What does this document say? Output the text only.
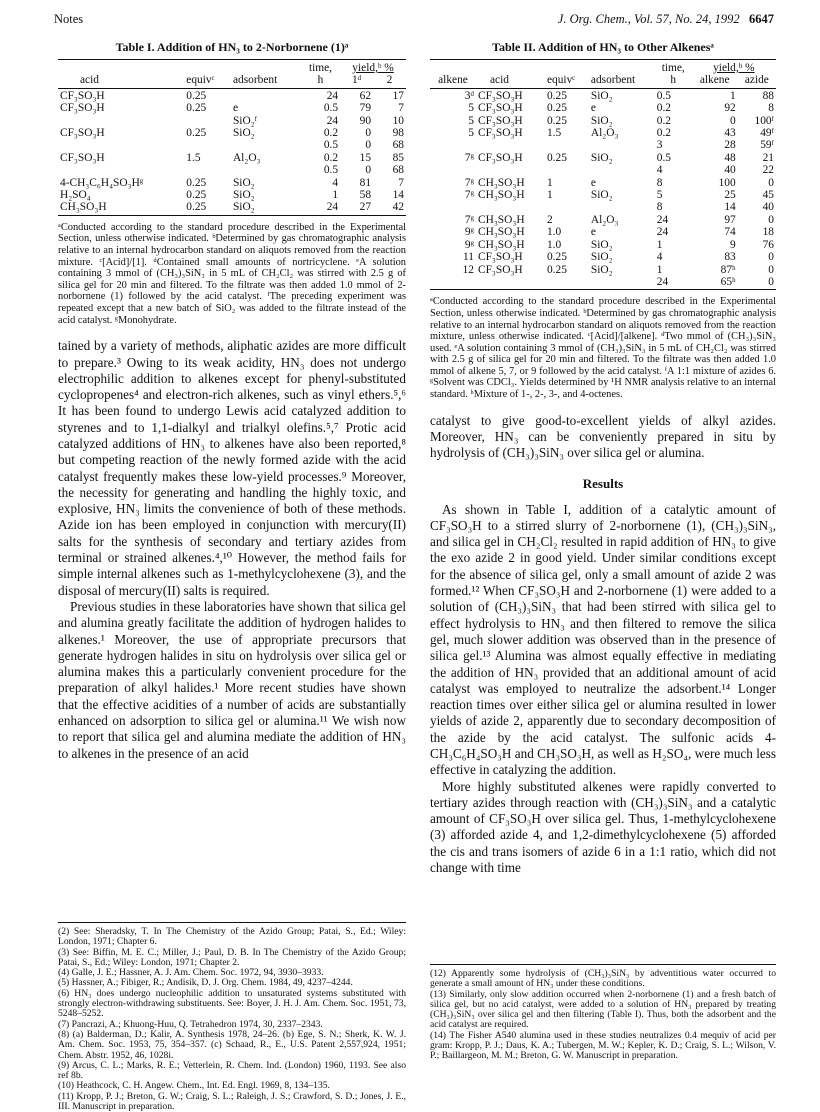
Notes	J. Org. Chem., Vol. 57, No. 24, 1992 6647
Table I. Addition of HN₃ to 2-Norbornene (1)ᵃ
			time,	yield,ᵇ %	
acid	equivᶜ	adsorbent	h	1ᵈ	2
CF₃SO₃H	0.25		24	62	17
CF₃SO₃H	0.25	e	0.5	79	7
		SiO₂ᶠ	24	90	10
CF₃SO₃H	0.25	SiO₂	0.2	0	98
			0.5	0	68
CF₃SO₃H	1.5	Al₂O₃	0.2	15	85
			0.5	0	68
4-CH₃C₆H₄SO₃Hᵍ	0.25	SiO₂	4	81	7
H₂SO₄	0.25	SiO₂	1	58	14
CH₃SO₃H	0.25	SiO₂	24	27	42
ᵃConducted according to the standard procedure described in the Experimental Section, unless otherwise indicated. ᵇDetermined by gas chromatographic analysis relative to an internal hydrocarbon standard on aliquots removed from the reaction mixture. ᶜ[Acid]/[1]. ᵈContained small amounts of nortricyclene. ᵉA solution containing 3 mmol of (CH₃)₃SiN₃ in 5 mL of CH₂Cl₂ was stirred with 2.5 g of silica gel for 20 min and filtered. To the filtrate was then added 1.0 mmol of 2-norbornene (1) followed by the acid catalyst. ᶠThe preceding experiment was repeated except that a new batch of SiO₂ was added to the filtrate instead of the acid catalyst. ᵍMonohydrate.

tained by a variety of methods, aliphatic azides are more difficult to prepare.³ Owing to its weak acidity, HN₃ does not undergo electrophilic addition to alkenes except for phenyl-substituted cyclopropenes⁴ and electron-rich alkenes, such as vinyl ethers.⁵,⁶ It has been found to undergo Lewis acid catalyzed addition to styrenes and to 1,1-dialkyl and trialkyl olefins.⁵,⁷ Protic acid catalyzed additions of HN₃ to alkenes have also been reported,⁸ but competing reaction of the newly formed azide with the acid catalyst frequently makes these low-yield processes.⁹ Moreover, the necessity for generating and handling the highly toxic, and explosive, HN₃ limits the convenience of both of these methods. Azide ion has been employed in conjunction with mercury(II) salts for the synthesis of secondary and tertiary azides from terminal or strained alkenes.⁴,¹⁰ However, the method fails for simple internal alkenes such as 1-methylcyclohexene (3), and the disposal of mercury(II) salts is required.

Previous studies in these laboratories have shown that silica gel and alumina greatly facilitate the addition of hydrogen halides to alkenes.¹ Moreover, the use of appropriate precursors that generate hydrogen halides in situ on hydrolysis over silica gel or alumina makes this a particularly convenient procedure for the preparation of alkyl halides.¹ More recent studies have shown that the effective acidities of a number of acids are substantially enhanced on adsorption to silica gel or alumina.¹¹ We wish now to report that silica gel and alumina mediate the addition of HN₃ to alkenes in the presence of an acid

(2) See: Sheradsky, T. In The Chemistry of the Azido Group; Patai, S., Ed.; Wiley: London, 1971; Chapter 6.

(3) See: Biffin, M. E. C.; Miller, J.; Paul, D. B. In The Chemistry of the Azido Group; Patai, S., Ed.; Wiley: London, 1971; Chapter 2.

(4) Galle, J. E.; Hassner, A. J. Am. Chem. Soc. 1972, 94, 3930–3933.

(5) Hassner, A.; Fibiger, R.; Andisik, D. J. Org. Chem. 1984, 49, 4237–4244.

(6) HN₃ does undergo nucleophilic addition to unsaturated systems substituted with strongly electron-withdrawing substituents. See: Boyer, J. H. J. Am. Chem. Soc. 1951, 73, 5248–5252.

(7) Pancrazi, A.; Khuong-Huu, Q. Tetrahedron 1974, 30, 2337–2343.

(8) (a) Balderman, D.; Kalir, A. Synthesis 1978, 24–26. (b) Ege, S. N.; Sherk, K. W. J. Am. Chem. Soc. 1953, 75, 354–357. (c) Schaad, R., E., U.S. Patent 2,557,924, 1951; Chem. Abstr. 1952, 46, 1028i.

(9) Arcus, C. L.; Marks, R. E.; Vetterlein, R. Chem. Ind. (London) 1960, 1193. See also ref 8b.

(10) Heathcock, C. H. Angew. Chem., Int. Ed. Engl. 1969, 8, 134–135.

(11) Kropp, P. J.; Breton, G. W.; Craig, S. L.; Raleigh, J. S.; Crawford, S. D.; Jones, J. E., III. Manuscript in preparation.

Table II. Addition of HN₃ to Other Alkenesᵃ
				time,	yield,ᵇ %	
alkene	acid	equivᶜ	adsorbent	h	alkene	azide
3ᵈ	CF₃SO₃H	0.25	SiO₂	0.5	1	88
5	CF₃SO₃H	0.25	e	0.2	92	8
5	CF₃SO₃H	0.25	SiO₂	0.2	0	100ᶠ
5	CF₃SO₃H	1.5	Al₂O₃	0.2	43	49ᶠ
				3	28	59ᶠ
7ᵍ	CF₃SO₃H	0.25	SiO₂	0.5	48	21
				4	40	22
7ᵍ	CH₃SO₃H	1	e	8	100	0
7ᵍ	CH₃SO₃H	1	SiO₂	5	25	45
				8	14	40
7ᵍ	CH₃SO₃H	2	Al₂O₃	24	97	0
9ᵍ	CH₃SO₃H	1.0	e	24	74	18
9ᵍ	CH₃SO₃H	1.0	SiO₂	1	9	76
11	CF₃SO₃H	0.25	SiO₂	4	83	0
12	CF₃SO₃H	0.25	SiO₂	1	87ʰ	0
				24	65ʰ	0
ᵃConducted according to the standard procedure described in the Experimental Section, unless otherwise indicated. ᵇDetermined by gas chromatographic analysis relative to an internal hydrocarbon standard on aliquots removed from the reaction mixture, unless otherwise indicated. ᶜ[Acid]/[alkene]. ᵈTwo mmol of (CH₃)₃SiN₃ used. ᵉA solution containing 3 mmol of (CH₃)₃SiN₃ in 5 mL of CH₂Cl₂ was stirred with 2.5 g of silica gel for 20 min and filtered. To the filtrate was then added 1.0 mmol of alkene 5, 7, or 9 followed by the acid catalyst. ᶠA 1:1 mixture of azides 6. ᵍSolvent was CDCl₃. Yields determined by ¹H NMR analysis relative to an internal standard. ʰMixture of 1-, 2-, 3-, and 4-octenes.

catalyst to give good-to-excellent yields of alkyl azides. Moreover, HN₃ can be conveniently prepared in situ by hydrolysis of (CH₃)₃SiN₃ over silica gel or alumina.

Results

As shown in Table I, addition of a catalytic amount of CF₃SO₃H to a stirred slurry of 2-norbornene (1), (CH₃)₃SiN₃, and silica gel in CH₂Cl₂ resulted in rapid addition of HN₃ to give the exo azide 2 in good yield. Under similar conditions except for the absence of silica gel, only a small amount of azide 2 was formed.¹² When CF₃SO₃H and 2-norbornene (1) were added to a solution of (CH₃)₃SiN₃ that had been stirred with silica gel to effect hydrolysis to HN₃ and then filtered to remove the silica gel, much slower addition was observed than in the presence of silica gel.¹³ Alumina was almost equally effective in mediating the addition of HN₃ provided that an additional amount of acid catalyst was employed to neutralize the adsorbent.¹⁴ Longer reaction times over either silica gel or alumina resulted in lower yields of azide 2, apparently due to secondary decomposition of the azide by the acid catalyst. The sulfonic acids 4-CH₃C₆H₄SO₃H and CH₃SO₃H, as well as H₂SO₄, were much less effective in catalyzing the addition.

More highly substituted alkenes were rapidly converted to tertiary azides through reaction with (CH₃)₃SiN₃ and a catalytic amount of CF₃SO₃H over silica gel. Thus, 1-methylcyclohexene (3) afforded azide 4, and 1,2-dimethylcyclohexene (5) afforded the cis and trans isomers of azide 6 in a 1:1 ratio, which did not change with time

(12) Apparently some hydrolysis of (CH₃)₃SiN₃ by adventitious water occurred to generate a small amount of HN₃ under these conditions.

(13) Similarly, only slow addition occurred when 2-norbornene (1) and a fresh batch of silica gel, but no acid catalyst, were added to a solution of HN₃ prepared by treating (CH₃)₃SiN₃ over silica gel and then filtering (Table I). Thus, both the adsorbent and the acid catalyst are required.

(14) The Fisher A540 alumina used in these studies neutralizes 0.4 mequiv of acid per gram: Kropp, P. J.; Daus, K. A.; Tubergen, M. W.; Kepler, K. D.; Craig, S. L.; Wilson, V. P.; Baillargeon, M. M.; Breton, G. W. Manuscript in preparation.
